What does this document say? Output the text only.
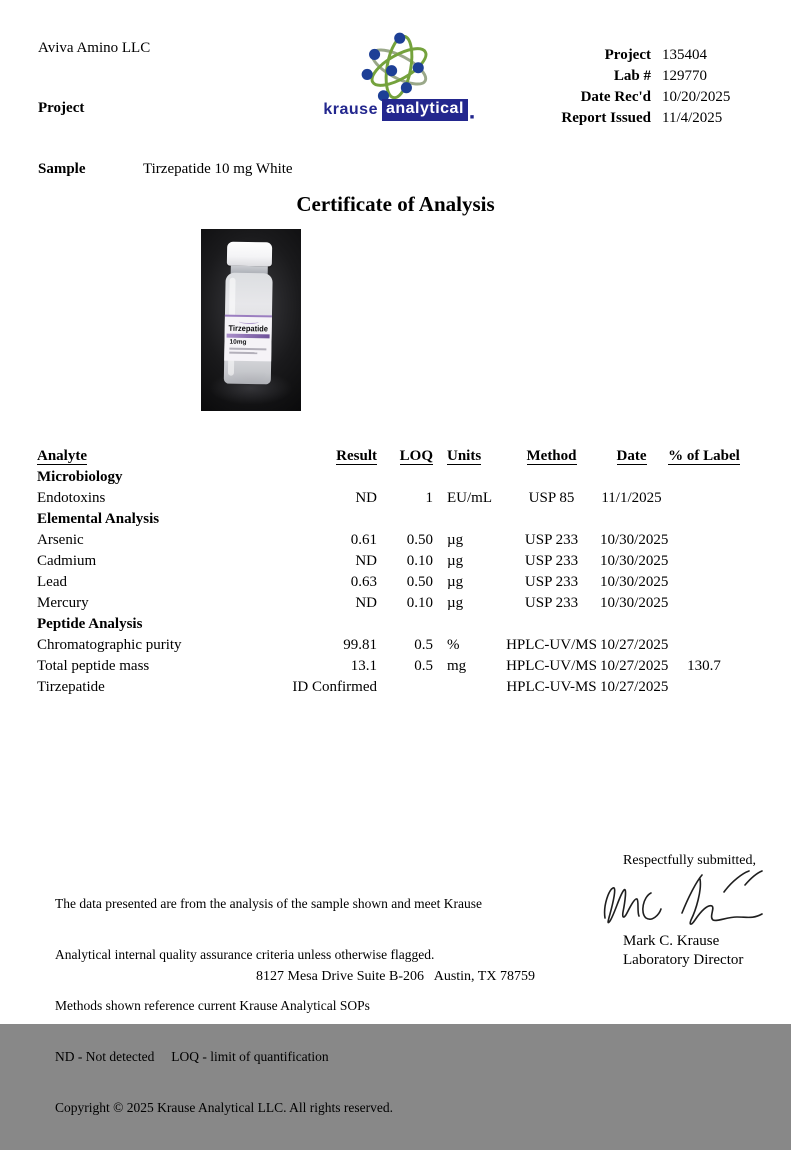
Aviva Amino LLC
Project	krause analytical
■
Project 135404
Lab # 129770
Date Rec'd 10/20/2025
Report Issued 11/4/2025
Sample	Tirzepatide 10 mg White
Certificate of Analysis
Tirzepatide
10mg
Analyte	Result	LOQ Units	Method	Date	% of Label
Microbiology
Endotoxins	ND	1 EU/mL	USP 85	11/1/2025
Elemental Analysis
Arsenic	0.61	0.50 µg	USP 233	10/30/2025
Cadmium	ND	0.10 µg	USP 233	10/30/2025
Lead	0.63	0.50 µg	USP 233	10/30/2025
Mercury	ND	0.10 µg	USP 233	10/30/2025
Peptide Analysis
Chromatographic purity	99.81	0.5 %	HPLC-UV/MS 10/27/2025
Total peptide mass	13.1	0.5 mg	HPLC-UV/MS 10/27/2025	130.7
Tirzepatide	ID Confirmed	HPLC-UV-MS 10/27/2025

The data presented are from the analysis of the sample shown and meet Krause

Analytical internal quality assurance criteria unless otherwise flagged.

Methods shown reference current Krause Analytical SOPs

ND - Not detected     LOQ - limit of quantification

Copyright © 2025 Krause Analytical LLC. All rights reserved.

Respectfully submitted,
Mark C. Krause
Laboratory Director
8127 Mesa Drive Suite B-206   Austin, TX 78759
